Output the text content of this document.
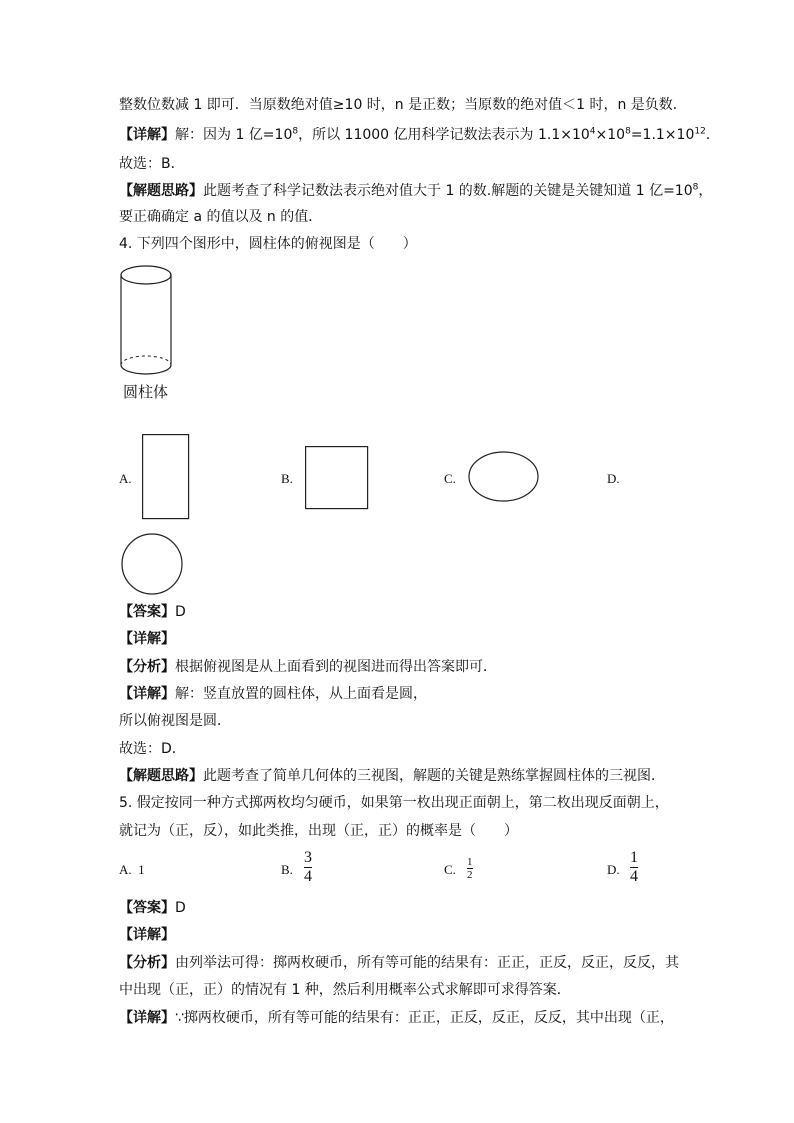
整数位数减 1 即可．当原数绝对值≥10 时，n 是正数；当原数的绝对值＜1 时，n 是负数．
【详解】解：因为 1 亿$=10^8$，所以 11000 亿用科学记数法表示为 $1.1\times 10^4\times 10^8=1.1\times 10^{12}$．
故选：B．
【解题思路】此题考查了科学记数法表示绝对值大于 1 的数.解题的关键是关键知道 1 亿$=10^8$，
要正确确定 a 的值以及 n 的值．
4. 下列四个图形中，圆柱体的俯视图是（　　）
圆柱体
A.	B.	C.	D.
【答案】D
【详解】
【分析】根据俯视图是从上面看到的视图进而得出答案即可．
【详解】解：竖直放置的圆柱体，从上面看是圆，
所以俯视图是圆．
故选：D．
【解题思路】此题考查了简单几何体的三视图，解题的关键是熟练掌握圆柱体的三视图．
5. 假定按同一种方式掷两枚均匀硬币，如果第一枚出现正面朝上，第二枚出现反面朝上，
就记为（正，反），如此类推，出现（正，正）的概率是（　　）
A. 1	B.
3
4	C. 1
2	D.
1
4
【答案】D
【详解】
【分析】由列举法可得：掷两枚硬币，所有等可能的结果有：正正，正反，反正，反反，其
中出现（正，正）的情况有 1 种，然后利用概率公式求解即可求得答案．
【详解】∵掷两枚硬币，所有等可能的结果有：正正，正反，反正，反反，其中出现（正，
